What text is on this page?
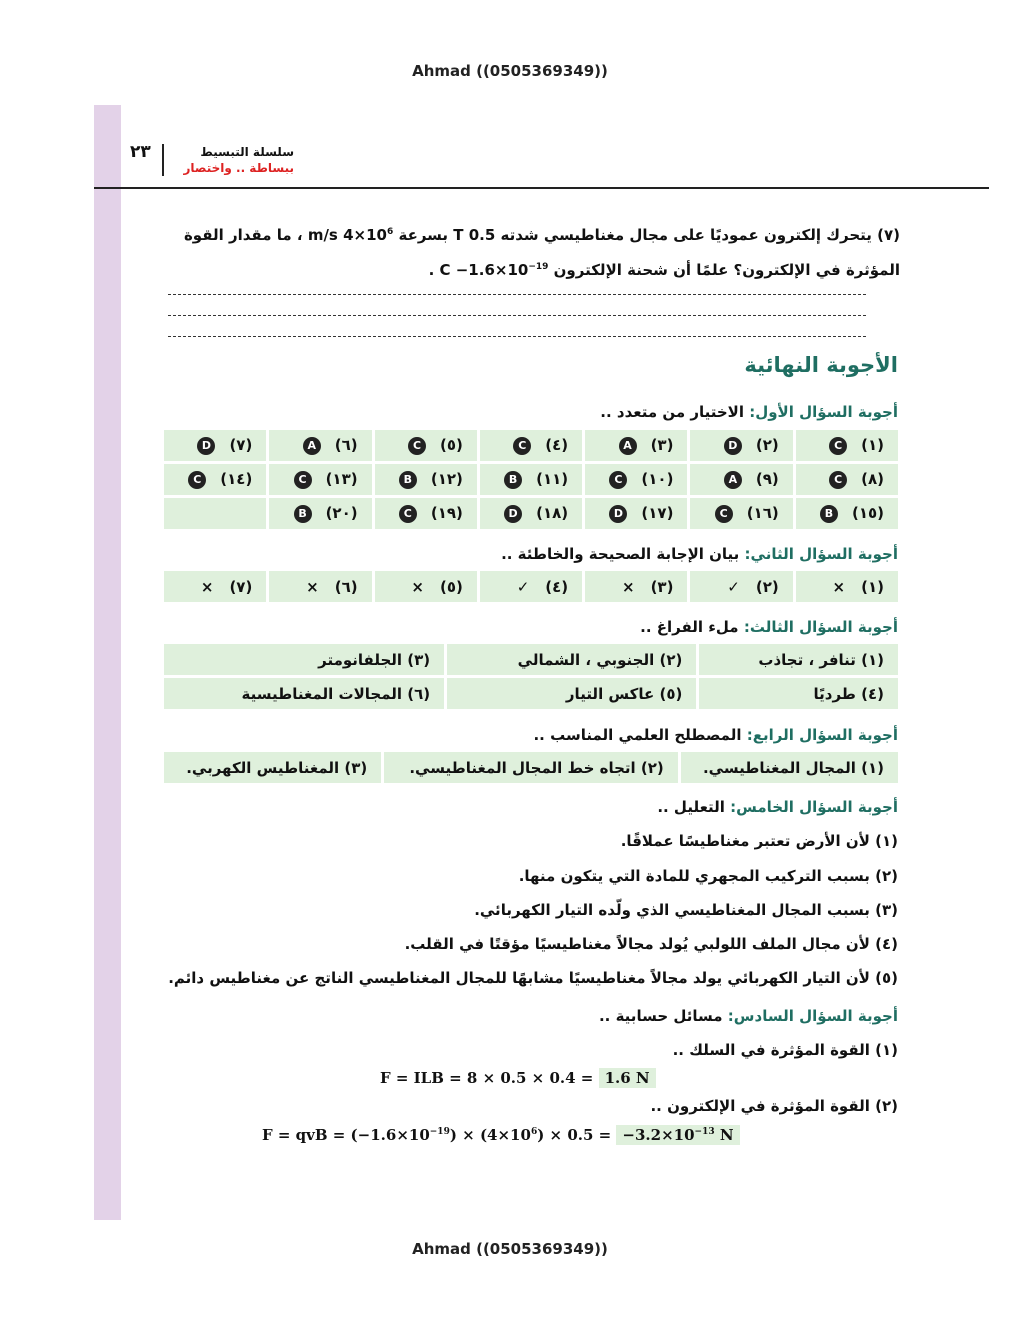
Ahmad ((0505369349))
٢٣	سلسلة التبسيط
ببساطة .. واختصار
(٧) يتحرك إلكترون عموديًا على مجال مغناطيسي شدته 0.5 T بسرعة $4\times 10^6$ m/s ، ما مقدار القوة
المؤثرة في الإلكترون؟ علمًا أن شحنة الإلكترون $-1.6\times 10^{-19}$ C .
الأجوبة النهائية
أجوبة السؤال الأول: الاختيار من متعدد ..
(١)C	(٢)D	(٣)A	(٤)C	(٥)C	(٦)A	(٧)D
(٨)C	(٩)A	(١٠)C	(١١)B	(١٢)B	(١٣)C	(١٤)C
(١٥)B	(١٦)C	(١٧)D	(١٨)D	(١٩)C	(٢٠)B	
أجوبة السؤال الثاني: بيان الإجابة الصحيحة والخاطئة ..
(١)×	(٢)✓	(٣)×	(٤)✓	(٥)×	(٦)×	(٧)×
أجوبة السؤال الثالث: ملء الفراغ ..
(١) تنافر ، تجاذب	(٢) الجنوبي ، الشمالي	(٣) الجلفانومتر
(٤) طرديًا	(٥) عاكس التيار	(٦) المجالات المغناطيسية
أجوبة السؤال الرابع: المصطلح العلمي المناسب ..
(١) المجال المغناطيسي.	(٢) اتجاه خط المجال المغناطيسي.	(٣) المغناطيس الكهربي.
أجوبة السؤال الخامس: التعليل ..
(١) لأن الأرض تعتبر مغناطيسًا عملاقًا.
(٢) بسبب التركيب المجهري للمادة التي يتكون منها.
(٣) بسبب المجال المغناطيسي الذي ولّده التيار الكهربائي.
(٤) لأن مجال الملف اللولبي يُولد مجالاً مغناطيسيًا مؤقتًا في القلب.
(٥) لأن التيار الكهربائي يولد مجالاً مغناطيسيًا مشابهًا للمجال المغناطيسي الناتج عن مغناطيس دائم.
أجوبة السؤال السادس: مسائل حسابية ..
(١) القوة المؤثرة في السلك ..
F = ILB = 8 × 0.5 × 0.4 = 1.6 N
(٢) القوة المؤثرة في الإلكترون ..
F = qvB = $(-1.6\times 10^{-19}) \times (4\times 10^6) \times 0.5 = -3.2\times 10^{-13}$ N
Ahmad ((0505369349))
